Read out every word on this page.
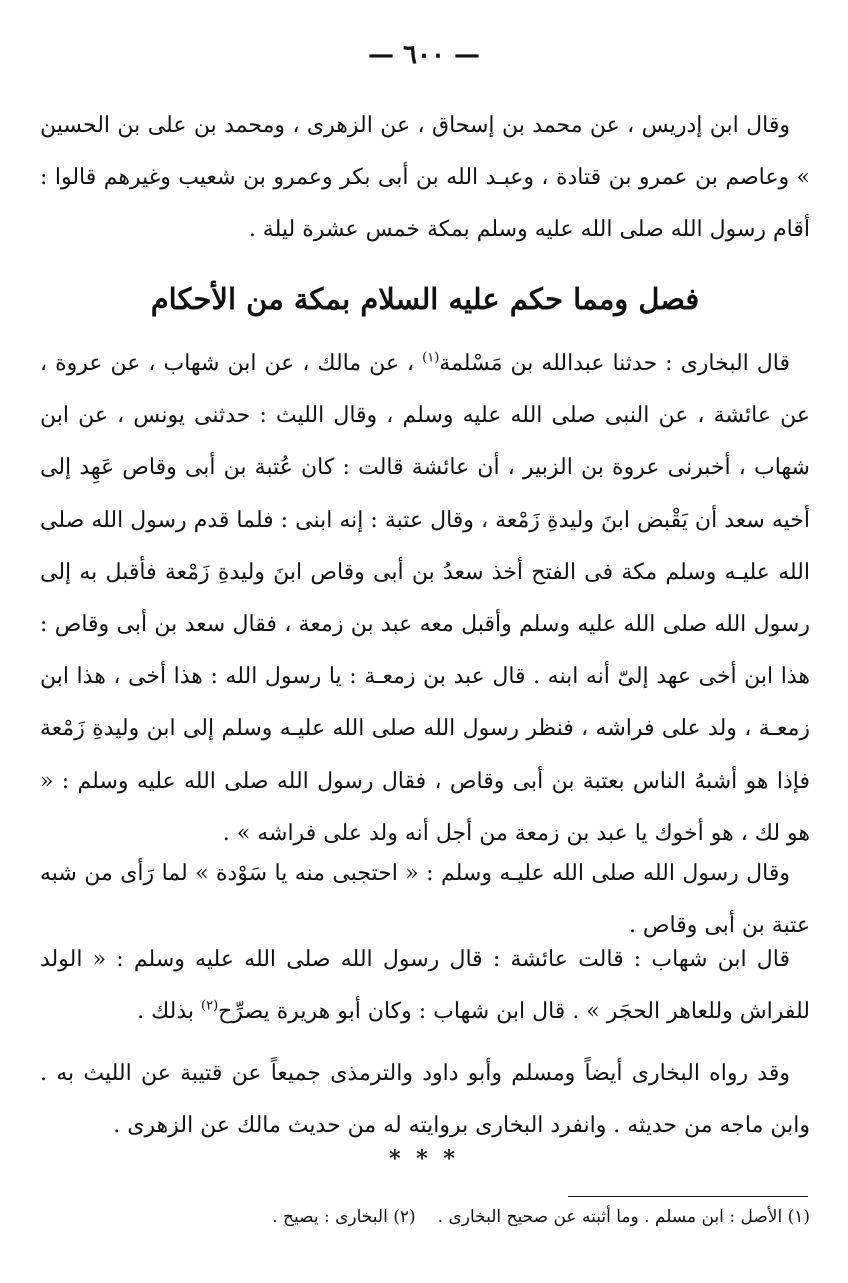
— ٦٠٠ —
وقال ابن إدريس ، عن محمد بن إسحاق ، عن الزهرى ، ومحمد بن على بن الحسين » وعاصم بن عمرو بن قتادة ، وعبـد الله بن أبى بكر وعمرو بن شعيب وغيرهم قالوا : أقام رسول الله صلى الله عليه وسلم بمكة خمس عشرة ليلة .
فصل ومما حكم عليه السلام بمكة من الأحكام
قال البخارى : حدثنا عبدالله بن مَسْلمة$^{(١)}$ ، عن مالك ، عن ابن شهاب ، عن عروة ، عن عائشة ، عن النبى صلى الله عليه وسلم ، وقال الليث : حدثنى يونس ، عن ابن شهاب ، أخبرنى عروة بن الزبير ، أن عائشة قالت : كان عُتبة بن أبى وقاص عَهِد إلى أخيه سعد أن يَقْبض ابنَ وليدةِ زَمْعة ، وقال عتبة : إنه ابنى : فلما قدم رسول الله صلى الله عليـه وسلم مكة فى الفتح أخذ سعدُ بن أبى وقاص ابنَ وليدةِ زَمْعة فأقبل به إلى رسول الله صلى الله عليه وسلم وأقبل معه عبد بن زمعة ، فقال سعد بن أبى وقاص : هذا ابن أخى عهد إلىّ أنه ابنه . قال عبد بن زمعـة : يا رسول الله : هذا أخى ، هذا ابن زمعـة ، ولد على فراشه ، فنظر رسول الله صلى الله عليـه وسلم إلى ابن وليدةِ زَمْعة فإذا هو أشبهُ الناس بعتبة بن أبى وقاص ، فقال رسول الله صلى الله عليه وسلم : « هو لك ، هو أخوك يا عبد بن زمعة من أجل أنه ولد على فراشه » .
وقال رسول الله صلى الله عليـه وسلم : « احتجبى منه يا سَوْدة » لما رَأى من شبه عتبة بن أبى وقاص .
قال ابن شهاب : قالت عائشة : قال رسول الله صلى الله عليه وسلم : « الولد للفراش وللعاهر الحجَر » . قال ابن شهاب : وكان أبو هريرة يصرِّح$^{(٢)}$ بذلك .
وقد رواه البخارى أيضاً ومسلم وأبو داود والترمذى جميعاً عن قتيبة عن الليث به . وابن ماجه من حديثه . وانفرد البخارى بروايته له من حديث مالك عن الزهرى .
* * *
(١) الأصل : ابن مسلم . وما أثبته عن صحيح البخارى .(٢) البخارى : يصيح .
